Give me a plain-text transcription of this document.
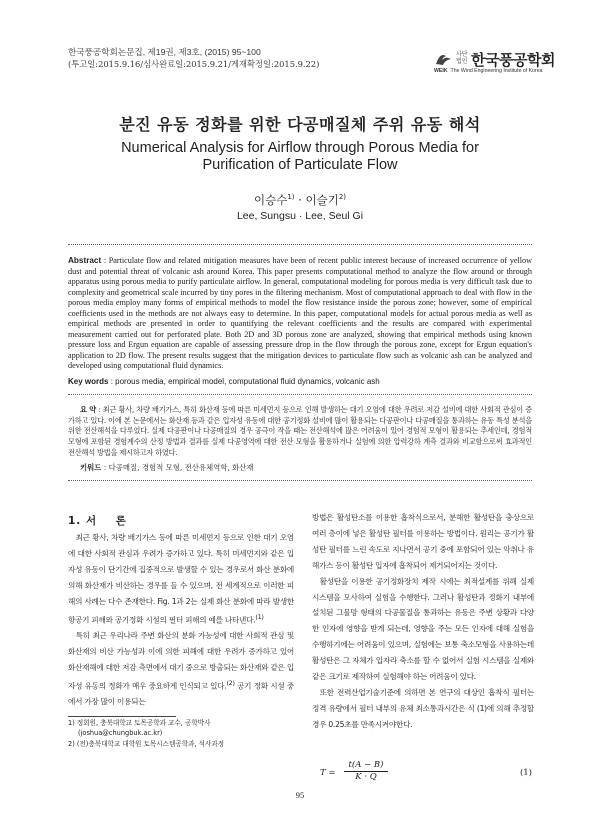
한국풍공학회논문집, 제19권, 제3호, (2015) 95~100
(투고일:2015.9.16/심사완료일:2015.9.21/게재확정일:2015.9.22)
사단
법인 한국풍공학회
WEIK The Wind Engineering Institute of Korea
분진 유동 정화를 위한 다공매질체 주위 유동 해석
Numerical Analysis for Airflow through Porous Media for
Purification of Particulate Flow
이승수$^{1)}$ · 이슬기$^{2)}$
Lee, Sungsu · Lee, Seul Gi
Abstract : Particulate flow and related mitigation measures have been of recent public interest because of increased occurrence of yellow dust and potential threat of volcanic ash around Korea. This paper presents computational method to analyze the flow around or through apparatus using porous media to purify particulate airflow. In general, computational modeling for porous media is very difficult task due to complexity and geometrical scale incurred by tiny pores in the filtering mechanism. Most of computational approach to deal with flow in the porous media employ many forms of empirical methods to model the flow resistance inside the porous zone; however, some of empirical coefficients used in the methods are not always easy to determine. In this paper, computational models for actual porous media as well as empirical methods are presented in order to quantifying the relevant coefficients and the results are compared with experimental measurement carried out for perforated plate. Both 2D and 3D porous zone are analyzed, showing that empirical methods using known pressure loss and Ergun equation are capable of assessing pressure drop in the flow through the porous zone, except for Ergun equation's application to 2D flow. The present results suggest that the mitigation devices to particulate flow such as volcanic ash can be analyzed and developed using computational fluid dynamics.
Key words : porous media, empirical model, computational fluid dynamics, volcanic ash
요 약 : 최근 황사, 차량 배기가스, 특히 화산재 등에 따른 미세먼지 등으로 인해 발생하는 대기 오염에 대한 우려로 저감 설비에 대한 사회적 관심이 증가하고 있다. 이에 본 논문에서는 화산재 등과 같은 입자성 유동에 대한 공기정화 설비에 많이 활용되는 다공판이나 다공매질을 통과하는 유동 특성 분석을 위한 전산해석을 다루었다. 실제 다공판이나 다공매질의 경우 공극이 작을 때는 전산해석에 많은 어려움이 있어 경험적 모형이 활용되는 추세인데, 경험적 모형에 포함된 경험계수의 산정 방법과 결과를 실제 다공영역에 대한 전산 모형을 활용하거나 실험에 의한 압력강하 계측 결과와 비교함으로써 효과적인 전산해석 방법을 제시하고자 하였다.
키워드 : 다공매질, 경험적 모형, 전산유체역학, 화산재
1. 서    론

최근 황사, 차량 배기가스 등에 따른 미세먼지 등으로 인한 대기 오염에 대한 사회적 관심과 우려가 증가하고 있다. 특히 미세먼지와 같은 입자성 유동이 단기간에 집중적으로 발생할 수 있는 경우로서 화산 분화에 의해 화산재가 비산하는 경우를 들 수 있으며, 전 세계적으로 이러한 피해의 사례는 다수 존재한다. Fig. 1과 2는 실제 화산 분화에 따라 발생한 항공기 피해와 공기정화 시설의 필터 피해의 예를 나타낸다.$^{(1)}$

특히 최근 우리나라 주변 화산의 분화 가능성에 대한 사회적 관심 및 화산재의 비산 가능성과 이에 의한 피해에 대한 우려가 증가하고 있어 화산재해에 대한 저감 측면에서 대기 중으로 방출되는 화산재와 같은 입자성 유동의 정화가 매우 중요하게 인식되고 있다.$^{(2)}$ 공기 정화 시설 중에서 가장 많이 이용되는

1) 정회원, 충북대학교 토목공학과 교수, 공학박사
(joshua@chungbuk.ac.kr)
2) (전)충북대학교 대학원 토목시스템공학과, 석사과정

방법은 활성탄소를 이용한 흡착식으로서, 분해한 활성탄을 충상으로 여러 층이에 넣은 활성탄 필터를 이용하는 방법이다. 원리는 공기가 활성탄 필터를 느린 속도로 지나면서 공기 중에 포함되어 있는 악취나 유해가스 등이 활성탄 입자에 흡착되어 제거되어지는 것이다.

활성탄을 이용한 공기정화장치 제작 시에는 최적설계를 위해 실제 시스템을 모사하여 실험을 수행한다. 그러나 활성탄과 정화기 내부에 설치된 그물망 형태의 다공물질을 통과하는 유동은 주변 상황과 다양한 인자에 영향을 받게 되는데, 영향을 주는 모든 인자에 대해 실험을 수행하기에는 어려움이 있으며, 실험에는 보통 축소모형을 사용하는데 활성탄은 그 자체가 입자라 축소를 할 수 없어서 실험 시스템을 실제와 같은 크기로 제작하여 실험해야 하는 어려움이 있다.

또한 전력산업기술기준에 의하면 본 연구의 대상인 흡착식 필터는 정격 유량에서 필터 내부의 유체 최소통과시간은 식 (1)에 의해 추정할 경우 0.25초를 만족시켜야한다.

$T = \frac{t(A - B)}{K \cdot Q}$	(1)
95
